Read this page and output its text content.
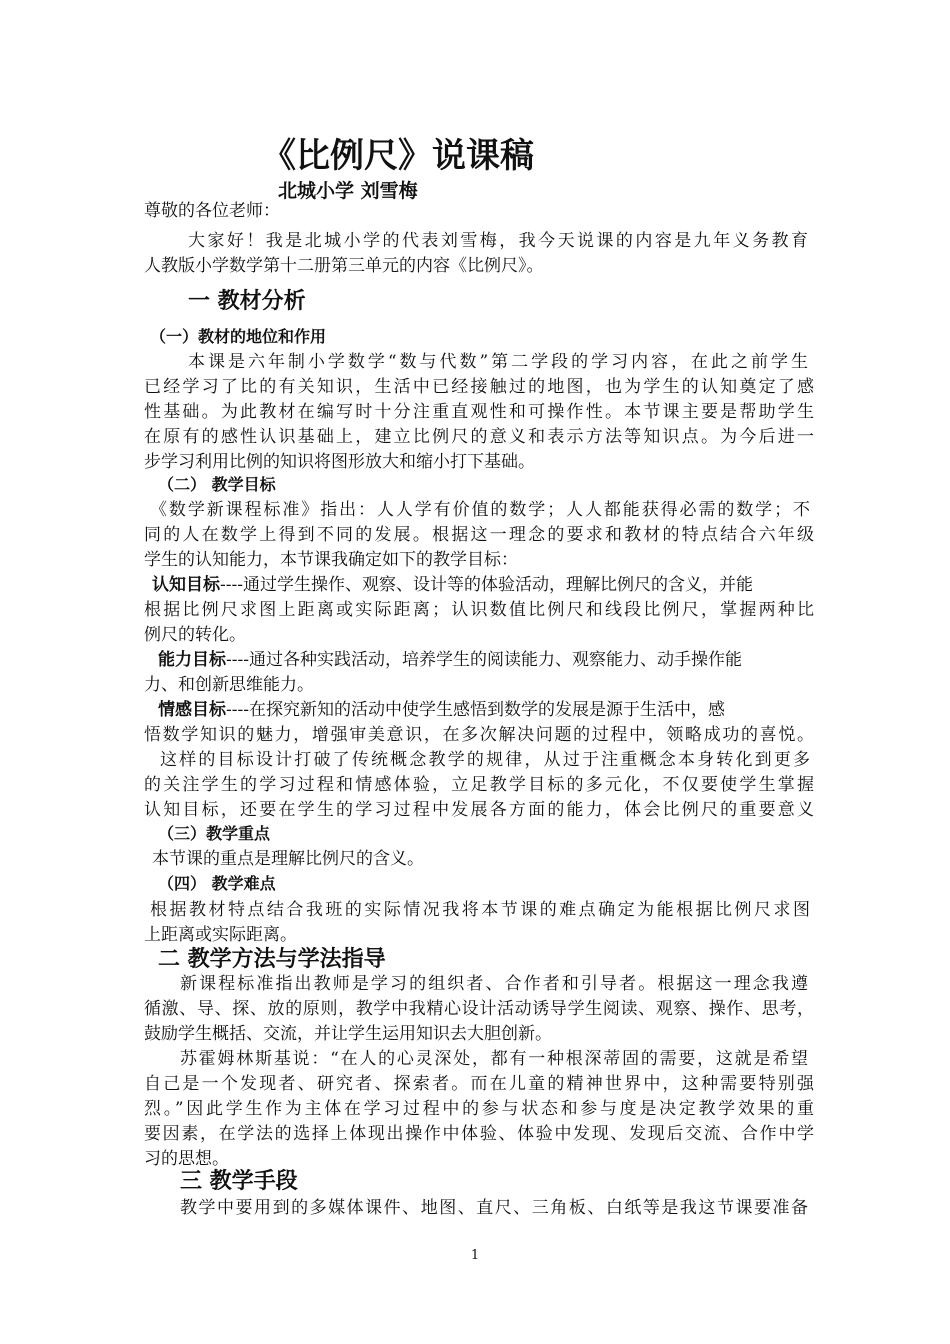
《比例尺》说课稿
北城小学 刘雪梅
尊敬的各位老师：
大家好！我是北城小学的代表刘雪梅，我今天说课的内容是九年义务教育
人教版小学数学第十二册第三单元的内容《比例尺》。
一 教材分析
（一）教材的地位和作用
本课是六年制小学数学“数与代数”第二学段的学习内容，在此之前学生
已经学习了比的有关知识，生活中已经接触过的地图，也为学生的认知奠定了感
性基础。为此教材在编写时十分注重直观性和可操作性。本节课主要是帮助学生
在原有的感性认识基础上，建立比例尺的意义和表示方法等知识点。为今后进一
步学习利用比例的知识将图形放大和缩小打下基础。
（二） 教学目标
《数学新课程标准》指出：人人学有价值的数学；人人都能获得必需的数学；不
同的人在数学上得到不同的发展。根据这一理念的要求和教材的特点结合六年级
学生的认知能力，本节课我确定如下的教学目标：
认知目标----通过学生操作、观察、设计等的体验活动，理解比例尺的含义，并能
根据比例尺求图上距离或实际距离；认识数值比例尺和线段比例尺，掌握两种比
例尺的转化。
能力目标----通过各种实践活动，培养学生的阅读能力、观察能力、动手操作能
力、和创新思维能力。
情感目标----在探究新知的活动中使学生感悟到数学的发展是源于生活中，感
悟数学知识的魅力，增强审美意识，在多次解决问题的过程中，领略成功的喜悦。
这样的目标设计打破了传统概念教学的规律，从过于注重概念本身转化到更多
的关注学生的学习过程和情感体验，立足教学目标的多元化，不仅要使学生掌握
认知目标，还要在学生的学习过程中发展各方面的能力，体会比例尺的重要意义
（三）教学重点
本节课的重点是理解比例尺的含义。
（四） 教学难点
根据教材特点结合我班的实际情况我将本节课的难点确定为能根据比例尺求图
上距离或实际距离。
二 教学方法与学法指导
新课程标准指出教师是学习的组织者、合作者和引导者。根据这一理念我遵
循激、导、探、放的原则，教学中我精心设计活动诱导学生阅读、观察、操作、思考，
鼓励学生概括、交流，并让学生运用知识去大胆创新。
苏霍姆林斯基说：“在人的心灵深处，都有一种根深蒂固的需要，这就是希望
自己是一个发现者、研究者、探索者。而在儿童的精神世界中，这种需要特别强
烈。”因此学生作为主体在学习过程中的参与状态和参与度是决定教学效果的重
要因素，在学法的选择上体现出操作中体验、体验中发现、发现后交流、合作中学
习的思想。
三 教学手段
教学中要用到的多媒体课件、地图、直尺、三角板、白纸等是我这节课要准备
1
